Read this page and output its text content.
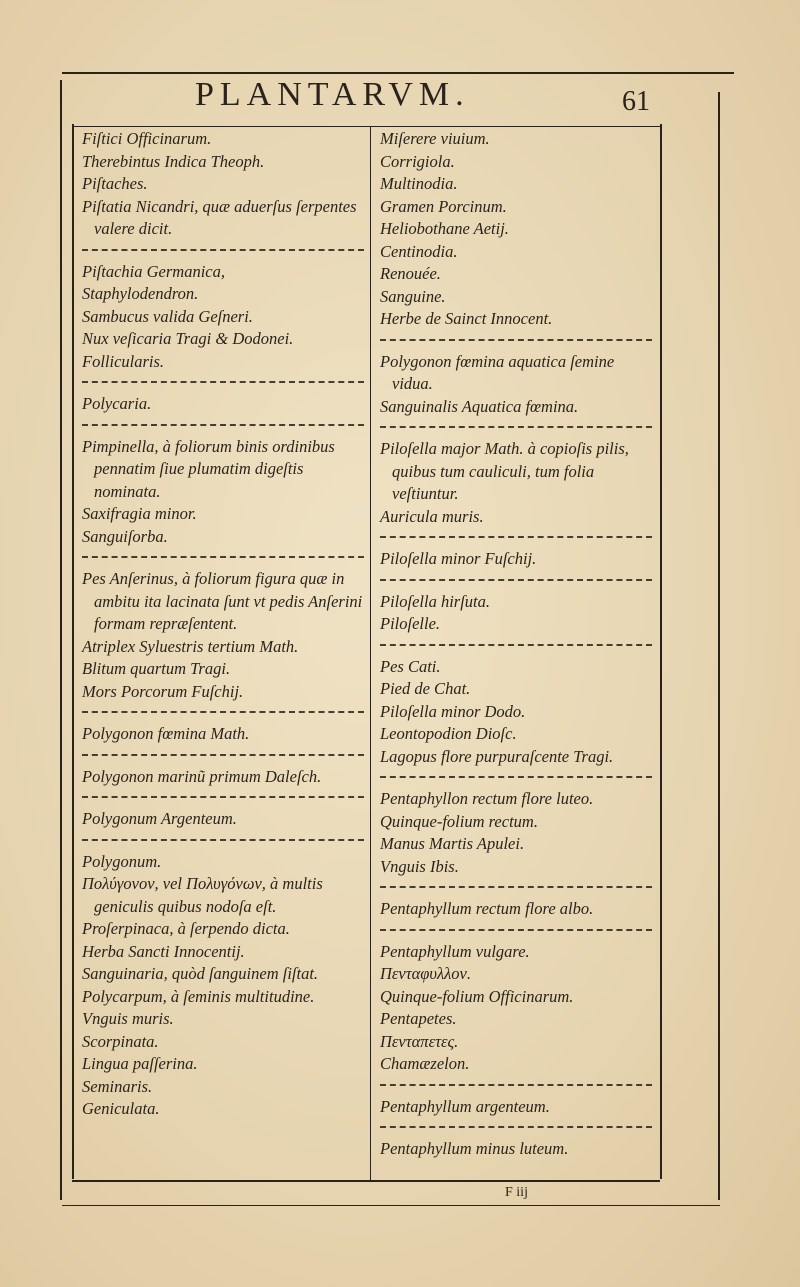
PLANTARVM.	61
Fiſtici Officinarum.
Therebintus Indica Theoph.
Piſtaches.
Piſtatia Nicandri, quæ aduerſus ſerpentes valere dicit.
Piſtachia Germanica,
Staphylodendron.
Sambucus valida Geſneri.
Nux veſicaria Tragi & Dodonei.
Follicularis.
Polycaria.
Pimpinella, à foliorum binis ordinibus pennatim ſiue plumatim digeſtis nominata.
Saxifragia minor.
Sanguiſorba.
Pes Anſerinus, à foliorum figura quæ in ambitu ita lacinata ſunt vt pedis Anſerini formam repræſentent.
Atriplex Syluestris tertium Math.
Blitum quartum Tragi.
Mors Porcorum Fuſchij.
Polygonon fœmina Math.
Polygonon marinũ primum Daleſch.
Polygonum Argenteum.
Polygonum.
Πολύγονον, vel Πολυγόνων, à multis geniculis quibus nodoſa eſt.
Proſerpinaca, à ſerpendo dicta.
Herba Sancti Innocentij.
Sanguinaria, quòd ſanguinem ſiſtat.
Polycarpum, à ſeminis multitudine.
Vnguis muris.
Scorpinata.
Lingua paſſerina.
Seminaris.
Geniculata.
Miſerere viuium.
Corrigiola.
Multinodia.
Gramen Porcinum.
Heliobothane Aetij.
Centinodia.
Renouée.
Sanguine.
Herbe de Sainct Innocent.
Polygonon fœmina aquatica ſemine vidua.
Sanguinalis Aquatica fœmina.
Piloſella major Math. à copioſis pilis, quibus tum cauliculi, tum folia veſtiuntur.
Auricula muris.
Piloſella minor Fuſchij.
Piloſella hirſuta.
Piloſelle.
Pes Cati.
Pied de Chat.
Piloſella minor Dodo.
Leontopodion Dioſc.
Lagopus flore purpuraſcente Tragi.
Pentaphyllon rectum flore luteo.
Quinque-folium rectum.
Manus Martis Apulei.
Vnguis Ibis.
Pentaphyllum rectum flore albo.
Pentaphyllum vulgare.
Πενταφυλλον.
Quinque-folium Officinarum.
Pentapetes.
Πενταπετες.
Chamæzelon.
Pentaphyllum argenteum.
Pentaphyllum minus luteum.
F iij
